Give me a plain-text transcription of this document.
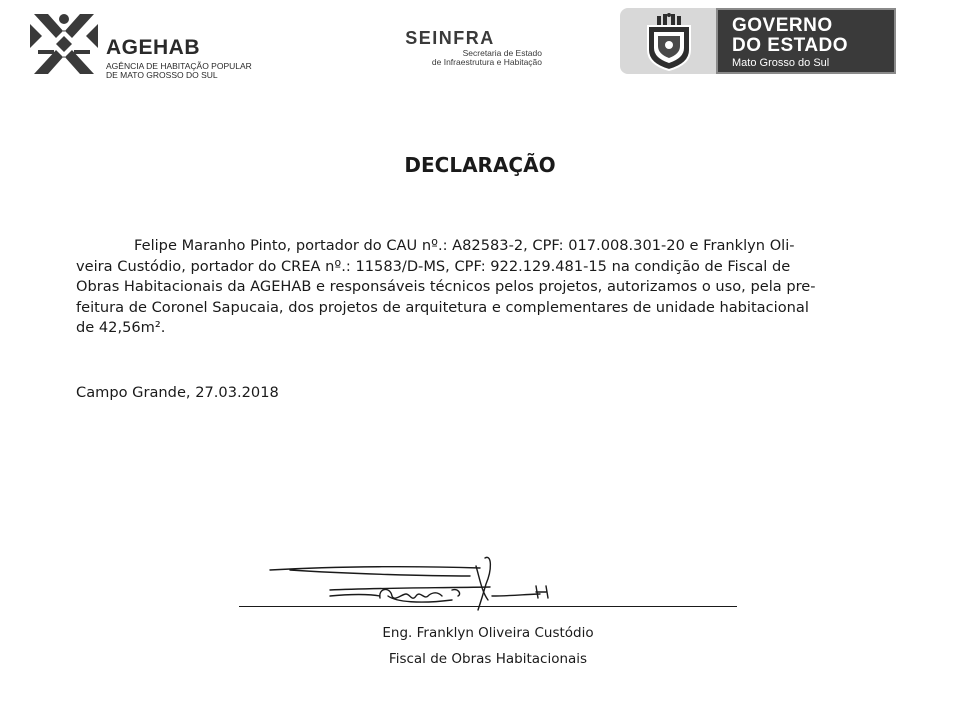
AGEHAB
AGÊNCIA DE HABITAÇÃO POPULAR
DE MATO GROSSO DO SUL
SEINFRA
Secretaria de Estado
de Infraestrutura e Habitação
GOVERNO
DO ESTADO
Mato Grosso do Sul
DECLARAÇÃO
Felipe Maranho Pinto, portador do CAU nº.: A82583-2, CPF: 017.008.301-20 e Franklyn Oli-
veira Custódio, portador do CREA nº.: 11583/D-MS, CPF: 922.129.481-15 na condição de Fiscal de
Obras Habitacionais da AGEHAB e responsáveis técnicos pelos projetos, autorizamos o uso, pela pre-
feitura de Coronel Sapucaia, dos projetos de arquitetura e complementares de unidade habitacional
de 42,56m².
Campo Grande, 27.03.2018
Eng. Franklyn Oliveira Custódio
Fiscal de Obras Habitacionais
